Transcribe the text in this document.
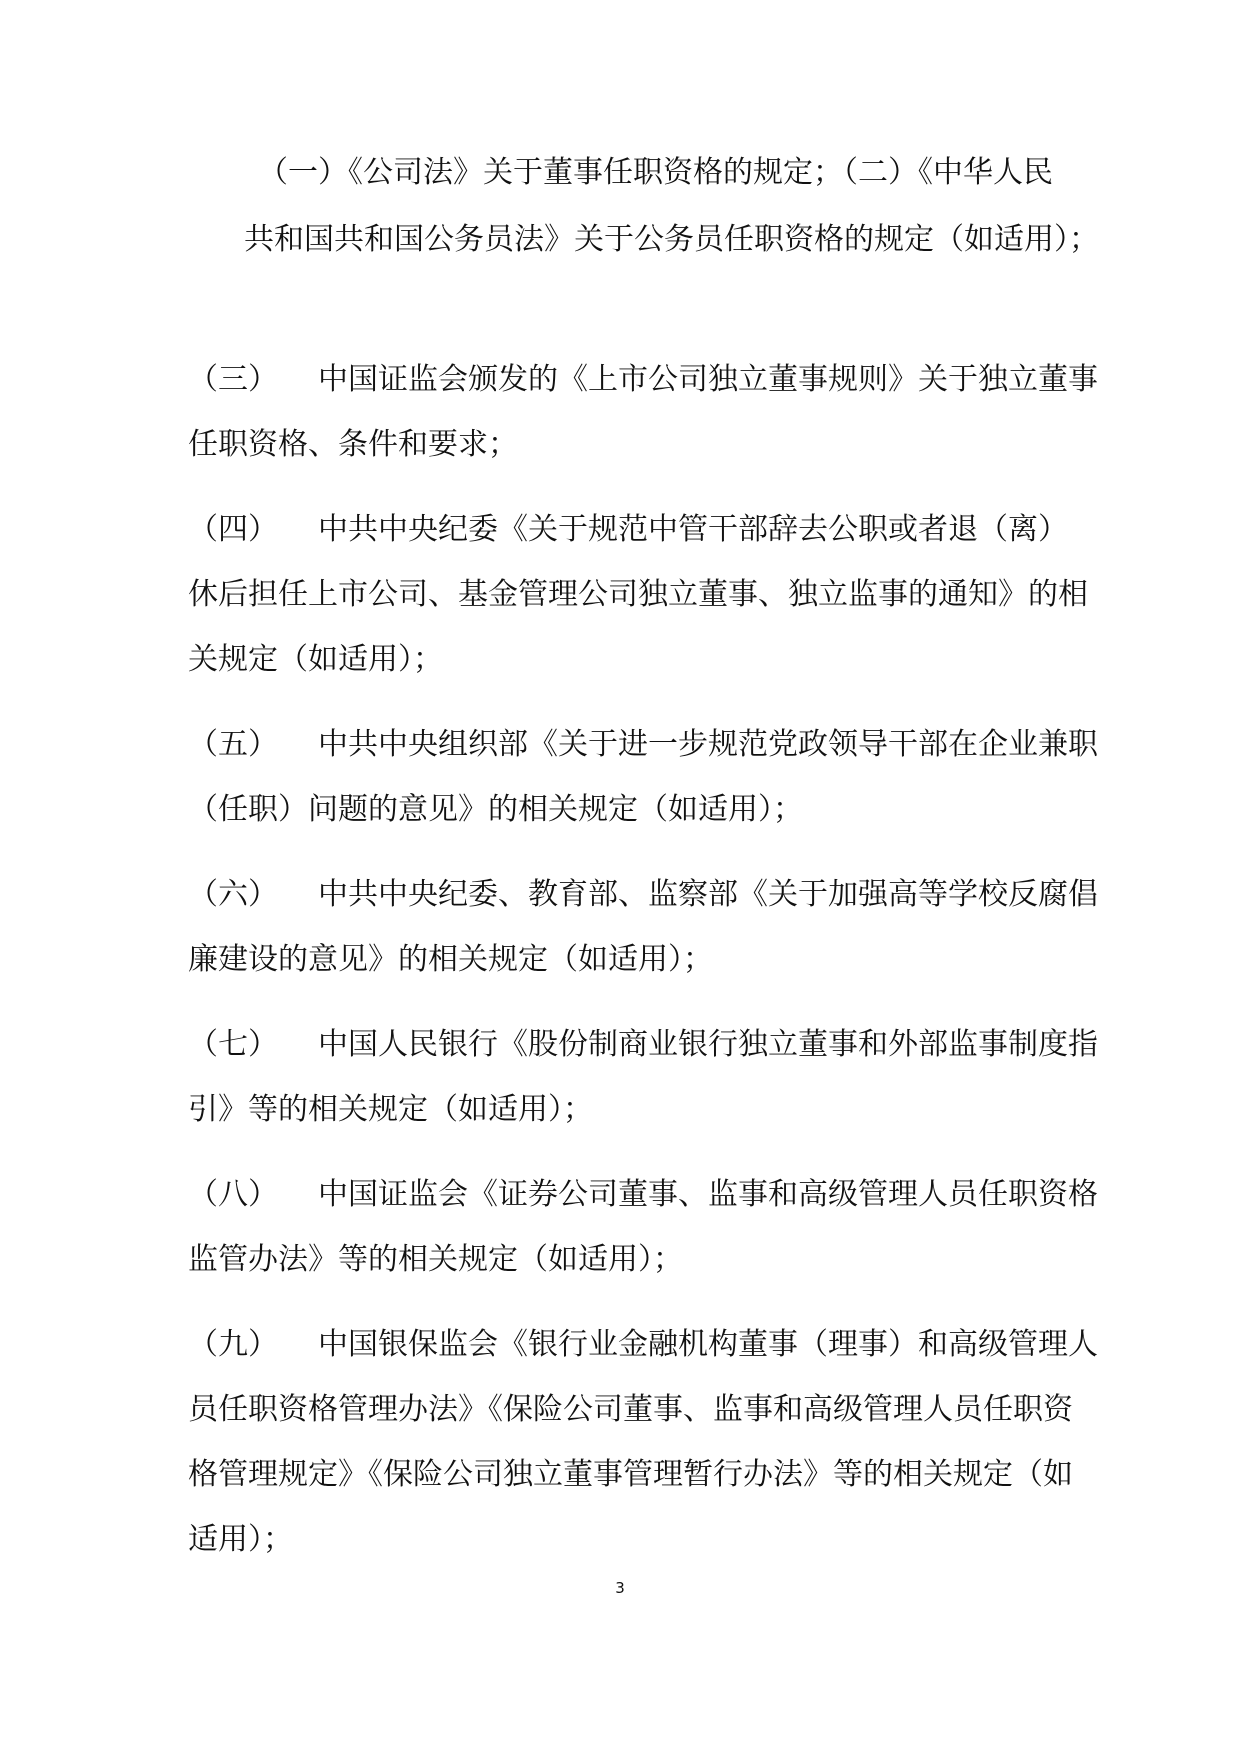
（一）《公司法》关于董事任职资格的规定；（二）《中华人民
共和国共和国公务员法》关于公务员任职资格的规定（如适用）；
（三） 中国证监会颁发的《上市公司独立董事规则》关于独立董事
任职资格、条件和要求；
（四） 中共中央纪委《关于规范中管干部辞去公职或者退（离）
休后担任上市公司、基金管理公司独立董事、独立监事的通知》的相
关规定（如适用）；
（五） 中共中央组织部《关于进一步规范党政领导干部在企业兼职
（任职）问题的意见》的相关规定（如适用）；
（六） 中共中央纪委、教育部、监察部《关于加强高等学校反腐倡
廉建设的意见》的相关规定（如适用）；
（七） 中国人民银行《股份制商业银行独立董事和外部监事制度指
引》等的相关规定（如适用）；
（八） 中国证监会《证券公司董事、监事和高级管理人员任职资格
监管办法》等的相关规定（如适用）；
（九） 中国银保监会《银行业金融机构董事（理事）和高级管理人
员任职资格管理办法》《保险公司董事、监事和高级管理人员任职资
格管理规定》《保险公司独立董事管理暂行办法》等的相关规定（如
适用）；
3
